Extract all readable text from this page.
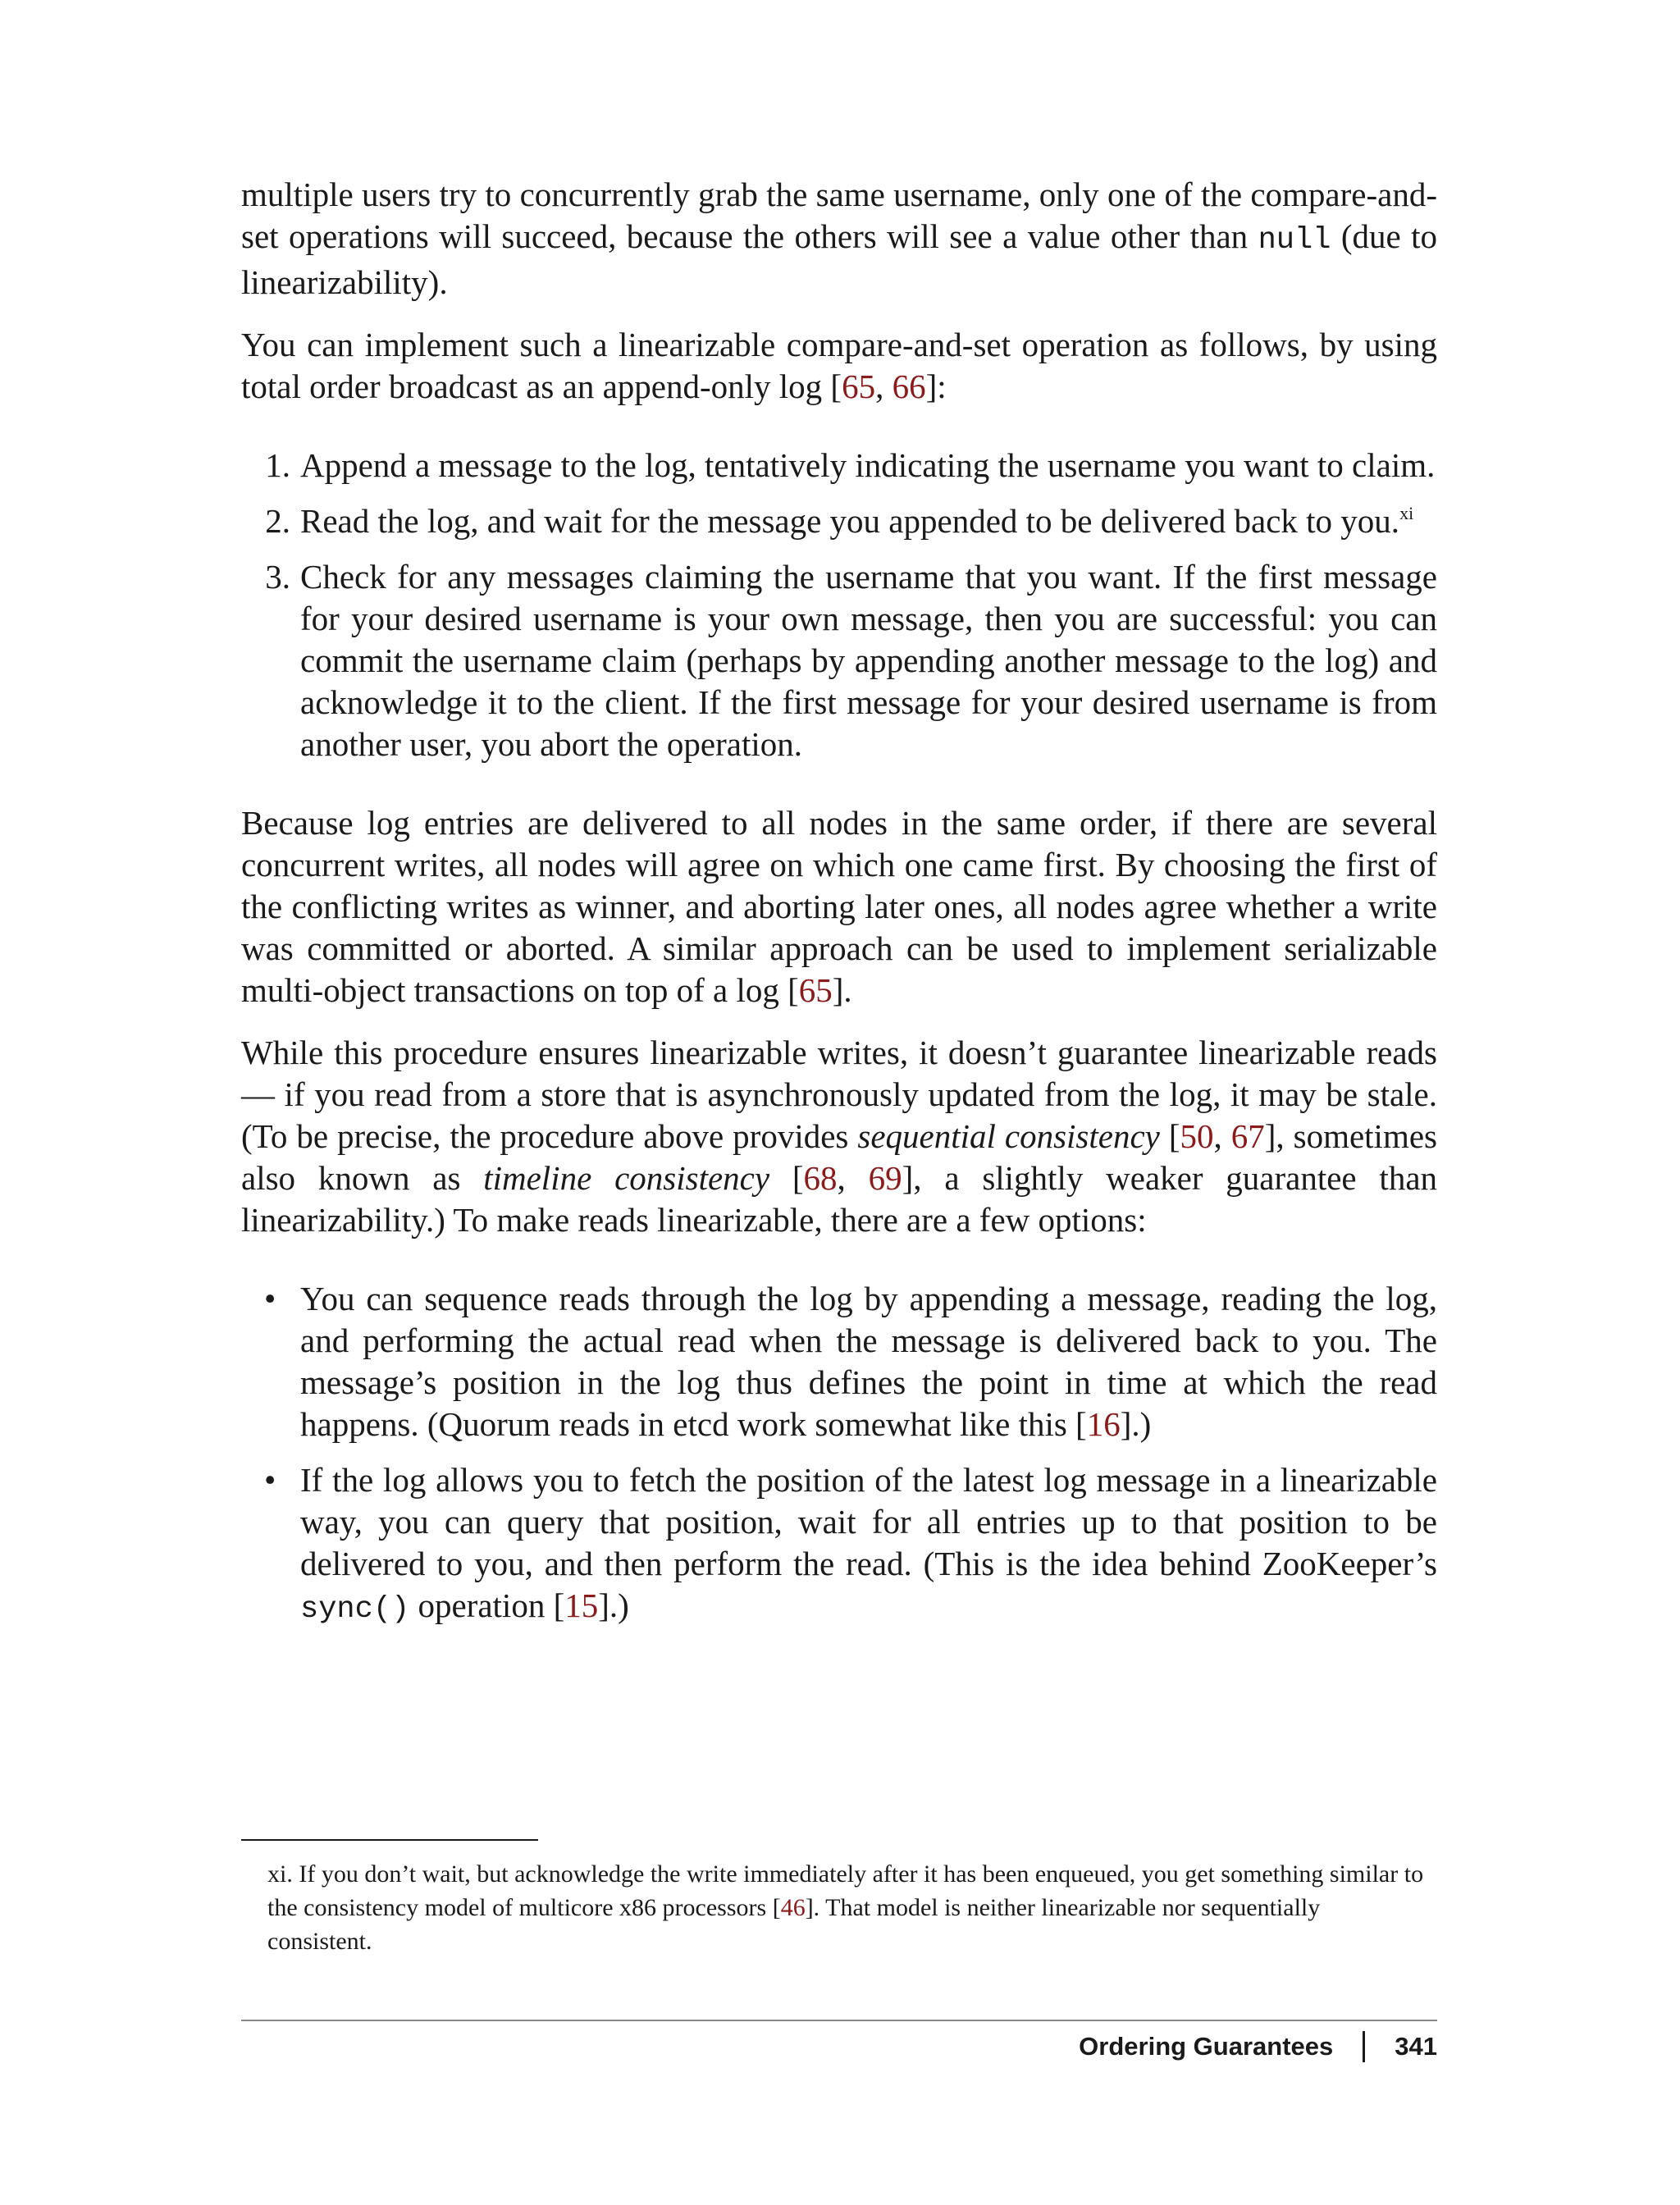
multiple users try to concurrently grab the same username, only one of the compare-and-set operations will succeed, because the others will see a value other than null (due to linearizability).

You can implement such a linearizable compare-and-set operation as follows, by using total order broadcast as an append-only log [65, 66]:

1. Append a message to the log, tentatively indicating the username you want to claim.
2. Read the log, and wait for the message you appended to be delivered back to you.$^{xi}$
3. Check for any messages claiming the username that you want. If the first message for your desired username is your own message, then you are successful: you can commit the username claim (perhaps by appending another message to the log) and acknowledge it to the client. If the first message for your desired username is from another user, you abort the operation.

Because log entries are delivered to all nodes in the same order, if there are several concurrent writes, all nodes will agree on which one came first. By choosing the first of the conflicting writes as winner, and aborting later ones, all nodes agree whether a write was committed or aborted. A similar approach can be used to implement serializable multi-object transactions on top of a log [65].

While this procedure ensures linearizable writes, it doesn’t guarantee linearizable reads — if you read from a store that is asynchronously updated from the log, it may be stale. (To be precise, the procedure above provides sequential consistency [50, 67], sometimes also known as timeline consistency [68, 69], a slightly weaker guarantee than linearizability.) To make reads linearizable, there are a few options:

• You can sequence reads through the log by appending a message, reading the log, and performing the actual read when the message is delivered back to you. The message’s position in the log thus defines the point in time at which the read happens. (Quorum reads in etcd work somewhat like this [16].)
• If the log allows you to fetch the position of the latest log message in a linearizable way, you can query that position, wait for all entries up to that position to be delivered to you, and then perform the read. (This is the idea behind ZooKeeper’s sync() operation [15].)
xi. If you don’t wait, but acknowledge the write immediately after it has been enqueued, you get something similar to the consistency model of multicore x86 processors [46]. That model is neither linearizable nor sequentially consistent.
Ordering Guarantees 341
